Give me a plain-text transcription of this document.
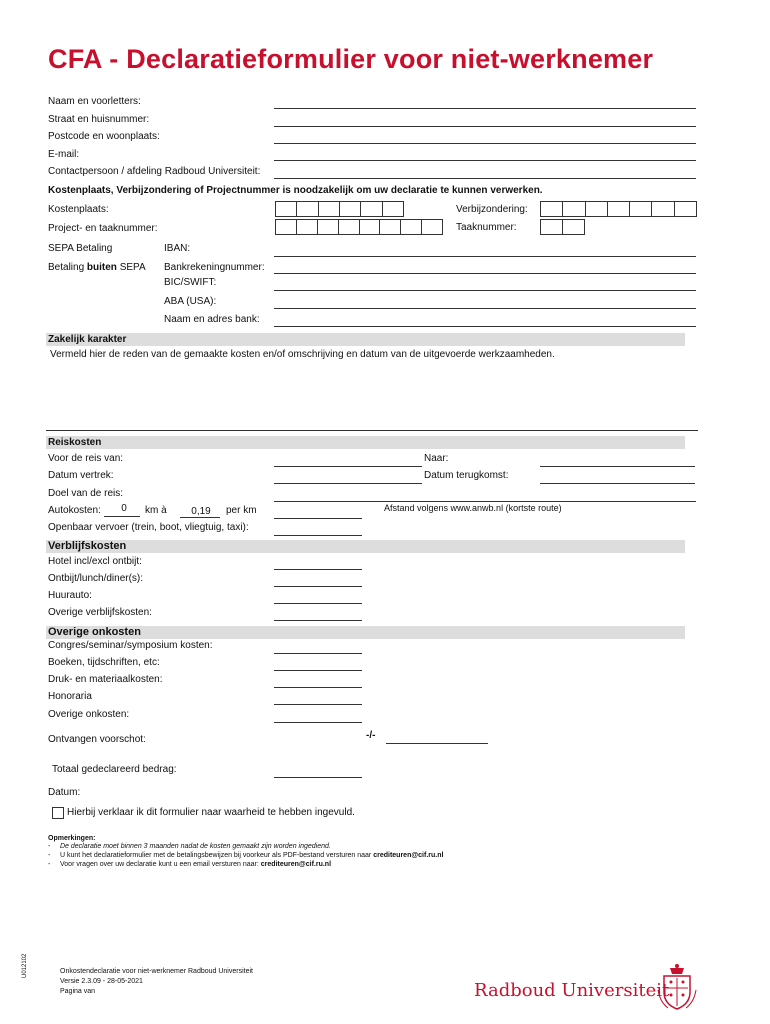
CFA - Declaratieformulier voor niet-werknemer
Naam en voorletters:
Straat en huisnummer:
Postcode en woonplaats:
E-mail:
Contactpersoon / afdeling Radboud Universiteit:
Kostenplaats, Verbijzondering of Projectnummer is noodzakelijk om uw declaratie te kunnen verwerken.
Kostenplaats:	Verbijzondering:
Project- en taaknummer:	Taaknummer:
SEPA Betaling	IBAN:
Betaling buiten SEPA Bankrekeningnummer:
BIC/SWIFT:
ABA (USA):
Naam en adres bank:
Zakelijk karakter
Vermeld hier de reden van de gemaakte kosten en/of omschrijving en datum van de uitgevoerde werkzaamheden.
Reiskosten
Voor de reis van:	Naar:
Datum vertrek:	Datum terugkomst:
Doel van de reis:
Autokosten:	0	km à	0,19	per km	Afstand volgens www.anwb.nl (kortste route)
Openbaar vervoer (trein, boot, vliegtuig, taxi):
Verblijfskosten
Hotel incl/excl ontbijt:
Ontbijt/lunch/diner(s):
Huurauto:
Overige verblijfskosten:
Overige onkosten
Congres/seminar/symposium kosten:
Boeken, tijdschriften, etc:
Druk- en materiaalkosten:
Honoraria
Overige onkosten:
Ontvangen voorschot:	-/-
Totaal gedeclareerd bedrag:
Datum:
Hierbij verklaar ik dit formulier naar waarheid te hebben ingevuld.
Opmerkingen:
- De declaratie moet binnen 3 maanden nadat de kosten gemaakt zijn worden ingediend.
- U kunt het declaratieformulier met de betalingsbewijzen bij voorkeur als PDF-bestand versturen naar crediteuren@cif.ru.nl
- Voor vragen over uw declaratie kunt u een email versturen naar: crediteuren@cif.ru.nl
U012102	Onkostendeclaratie voor niet-werknemer Radboud Universiteit
Versie 2.3.09 - 28-05-2021
Pagina van	Radboud Universiteit
